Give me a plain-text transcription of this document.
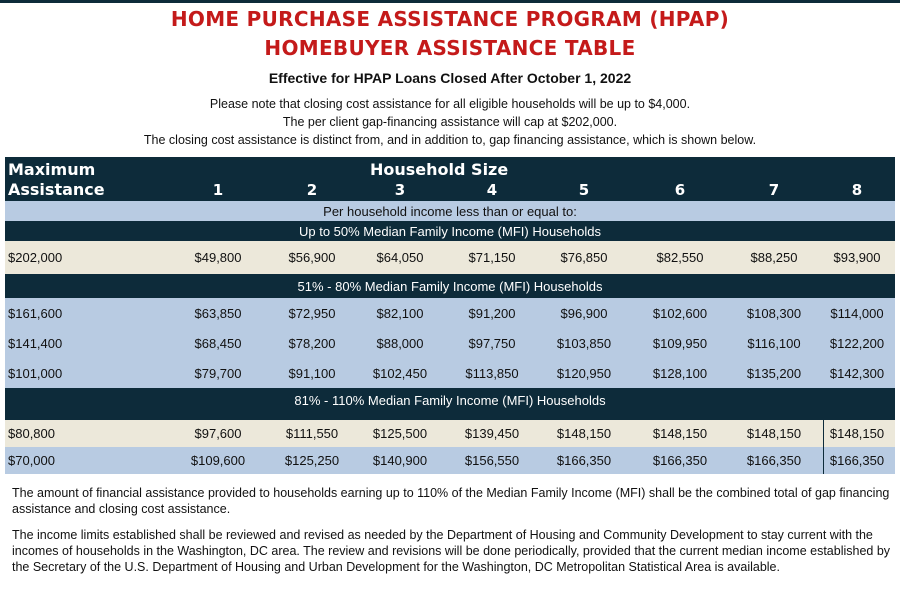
HOME PURCHASE ASSISTANCE PROGRAM (HPAP)
HOMEBUYER ASSISTANCE TABLE
Effective for HPAP Loans Closed After October 1, 2022
Please note that closing cost assistance for all eligible households will be up to $4,000.
The per client gap-financing assistance will cap at $202,000.
The closing cost assistance is distinct from, and in addition to, gap financing assistance, which is shown below.
Maximum
Assistance
Household Size
1	2	3	4	5	6	7	8
Per household income less than or equal to:
Up to 50% Median Family Income (MFI) Households
$202,000	$49,800	$56,900	$64,050	$71,150	$76,850	$82,550	$88,250	$93,900
51% - 80% Median Family Income (MFI) Households
$161,600	$63,850	$72,950	$82,100	$91,200	$96,900	$102,600	$108,300	$114,000
$141,400	$68,450	$78,200	$88,000	$97,750	$103,850	$109,950	$116,100	$122,200
$101,000	$79,700	$91,100	$102,450	$113,850	$120,950	$128,100	$135,200	$142,300
81% - 110% Median Family Income (MFI) Households
$80,800	$97,600	$111,550	$125,500	$139,450	$148,150	$148,150	$148,150	$148,150
$70,000	$109,600	$125,250	$140,900	$156,550	$166,350	$166,350	$166,350	$166,350
The amount of financial assistance provided to households earning up to 110% of the Median Family Income (MFI) shall be the combined total of gap financing assistance and closing cost assistance.
The income limits established shall be reviewed and revised as needed by the Department of Housing and Community Development to stay current with the incomes of households in the Washington, DC area. The review and revisions will be done periodically, provided that the current median income established by the Secretary of the U.S. Department of Housing and Urban Development for the Washington, DC Metropolitan Statistical Area is available.
